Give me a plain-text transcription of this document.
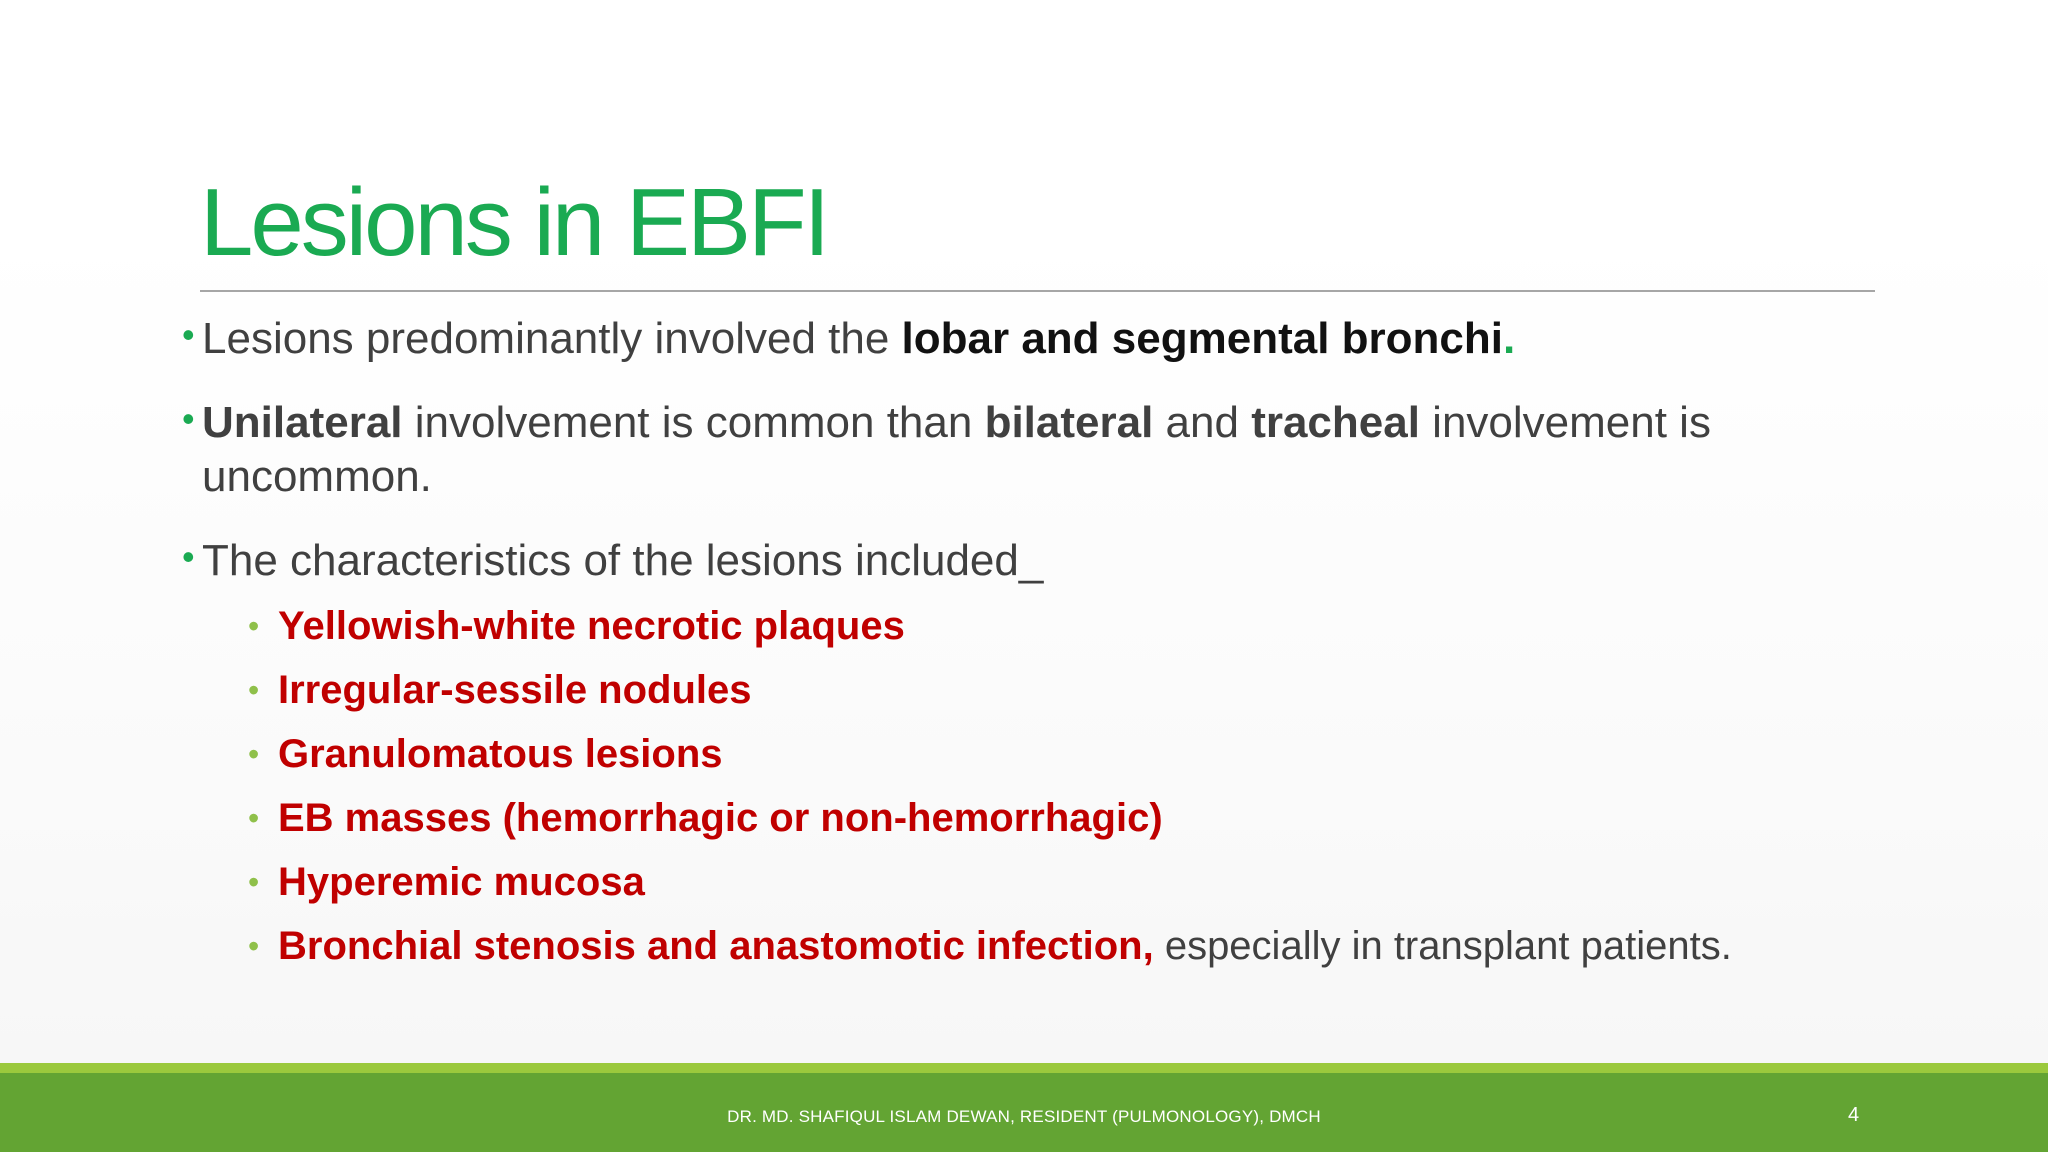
Lesions in EBFI
• Lesions predominantly involved the lobar and segmental bronchi.
• Unilateral involvement is common than bilateral and tracheal involvement is uncommon.
• The characteristics of the lesions included_
• Yellowish-white necrotic plaques
• Irregular-sessile nodules
• Granulomatous lesions
• EB masses (hemorrhagic or non-hemorrhagic)
• Hyperemic mucosa
• Bronchial stenosis and anastomotic infection, especially in transplant patients.
DR. MD. SHAFIQUL ISLAM DEWAN, RESIDENT (PULMONOLOGY), DMCH	4
